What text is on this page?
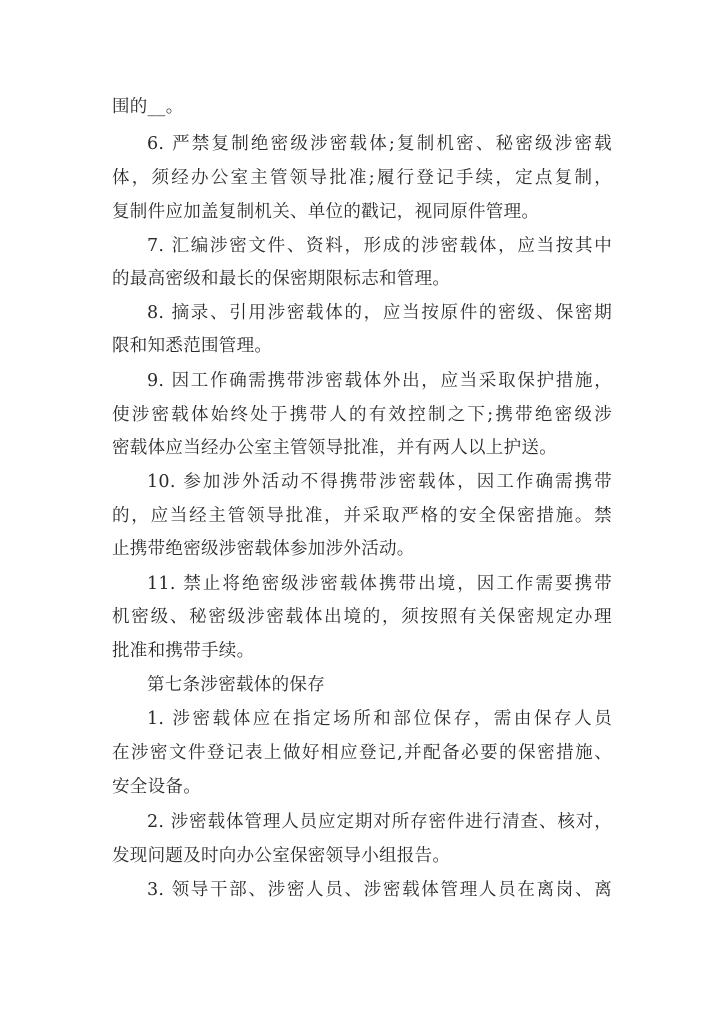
围的__。
6. 严禁复制绝密级涉密载体;复制机密、秘密级涉密载
体，须经办公室主管领导批准;履行登记手续，定点复制，
复制件应加盖复制机关、单位的戳记，视同原件管理。
7. 汇编涉密文件、资料，形成的涉密载体，应当按其中
的最高密级和最长的保密期限标志和管理。
8. 摘录、引用涉密载体的，应当按原件的密级、保密期
限和知悉范围管理。
9. 因工作确需携带涉密载体外出，应当采取保护措施，
使涉密载体始终处于携带人的有效控制之下;携带绝密级涉
密载体应当经办公室主管领导批准，并有两人以上护送。
10. 参加涉外活动不得携带涉密载体，因工作确需携带
的，应当经主管领导批准，并采取严格的安全保密措施。禁
止携带绝密级涉密载体参加涉外活动。
11. 禁止将绝密级涉密载体携带出境，因工作需要携带
机密级、秘密级涉密载体出境的，须按照有关保密规定办理
批准和携带手续。
第七条涉密载体的保存
1. 涉密载体应在指定场所和部位保存，需由保存人员
在涉密文件登记表上做好相应登记,并配备必要的保密措施、
安全设备。
2. 涉密载体管理人员应定期对所存密件进行清查、核对，
发现问题及时向办公室保密领导小组报告。
3. 领导干部、涉密人员、涉密载体管理人员在离岗、离
